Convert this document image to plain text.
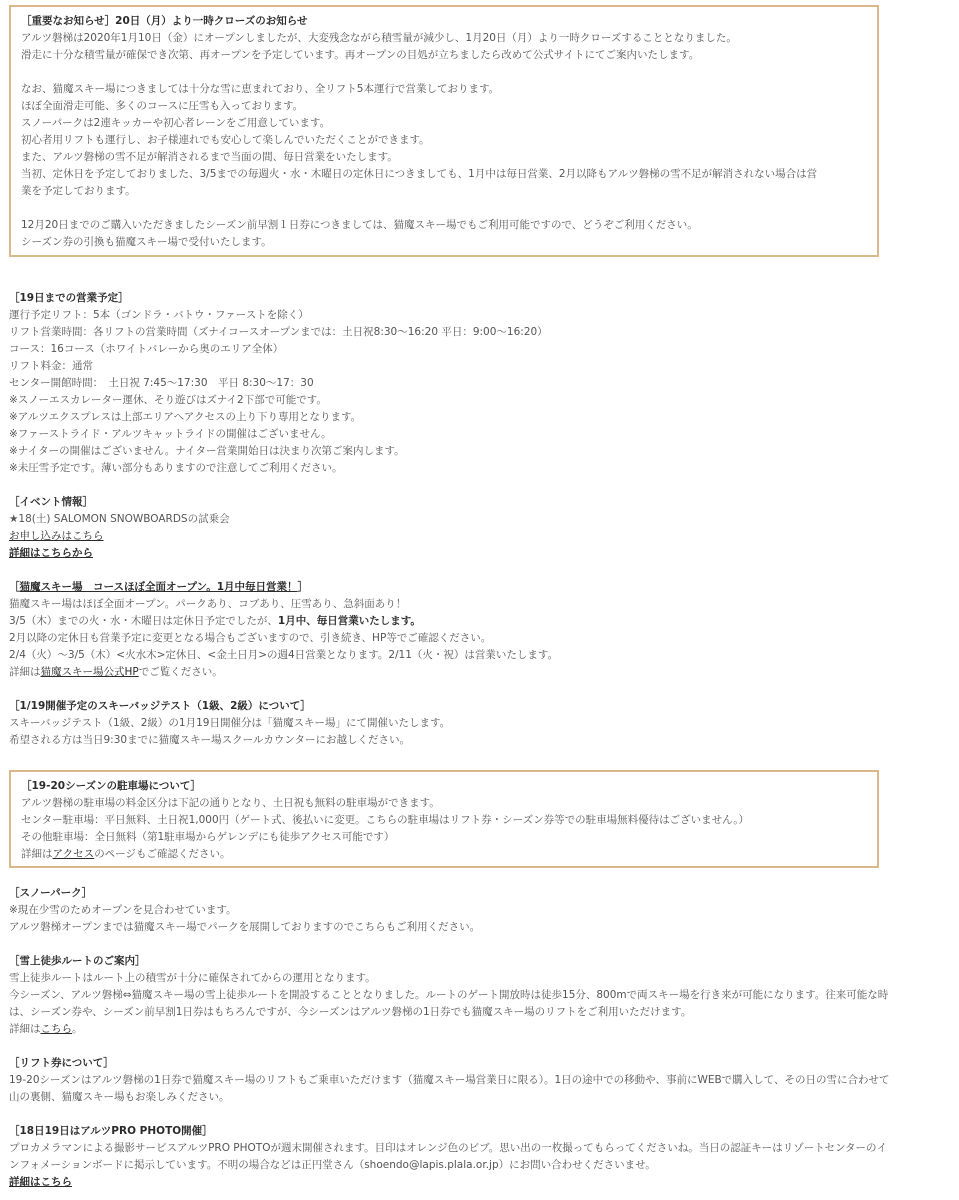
［重要なお知らせ］20日（月）より一時クローズのお知らせ
アルツ磐梯は2020年1月10日（金）にオープンしましたが、大変残念ながら積雪量が減少し、1月20日（月）より一時クローズすることとなりました。
滑走に十分な積雪量が確保でき次第、再オープンを予定しています。再オープンの目処が立ちましたら改めて公式サイトにてご案内いたします。
なお、猫魔スキー場につきましては十分な雪に恵まれており、全リフト5本運行で営業しております。
ほぼ全面滑走可能、多くのコースに圧雪も入っております。
スノーパークは2連キッカーや初心者レーンをご用意しています。
初心者用リフトも運行し、お子様連れでも安心して楽しんでいただくことができます。
また、アルツ磐梯の雪不足が解消されるまで当面の間、毎日営業をいたします。
当初、定休日を予定しておりました、3/5までの毎週火・水・木曜日の定休日につきましても、1月中は毎日営業、2月以降もアルツ磐梯の雪不足が解消されない場合は営
業を予定しております。
12月20日までのご購入いただきましたシーズン前早割１日券につきましては、猫魔スキー場でもご利用可能ですので、どうぞご利用ください。
シーズン券の引換も猫魔スキー場で受付いたします。
［19日までの営業予定］
運行予定リフト：5本（ゴンドラ・バトウ・ファーストを除く）
リフト営業時間：各リフトの営業時間（ズナイコースオープンまでは：土日祝8:30～16:20 平日：9:00～16:20）
コース：16コース（ホワイトバレーから奥のエリア全体）
リフト料金：通常
センター開館時間：　土日祝 7:45～17:30　平日 8:30～17：30
※スノーエスカレーター運休、そり遊びはズナイ2下部で可能です。
※アルツエクスプレスは上部エリアへアクセスの上り下り専用となります。
※ファーストライド・アルツキャットライドの開催はございません。
※ナイターの開催はございません。ナイター営業開始日は決まり次第ご案内します。
※未圧雪予定です。薄い部分もありますので注意してご利用ください。
［イベント情報］
★18(土) SALOMON SNOWBOARDSの試乗会
お申し込みはこちら
詳細はこちらから
［猫魔スキー場　コースほぼ全面オープン。1月中毎日営業！］
猫魔スキー場はほぼ全面オープン。パークあり、コブあり、圧雪あり、急斜面あり！
3/5（木）までの火・水・木曜日は定休日予定でしたが、1月中、毎日営業いたします。
2月以降の定休日も営業予定に変更となる場合もございますので、引き続き、HP等でご確認ください。
2/4（火）～3/5（木）<火水木>定休日、<金土日月>の週4日営業となります。2/11（火・祝）は営業いたします。
詳細は猫魔スキー場公式HPでご覧ください。
［1/19開催予定のスキーバッジテスト（1級、2級）について］
スキーバッジテスト（1級、2級）の1月19日開催分は「猫魔スキー場」にて開催いたします。
希望される方は当日9:30までに猫魔スキー場スクールカウンターにお越しください。
［19-20シーズンの駐車場について］
アルツ磐梯の駐車場の料金区分は下記の通りとなり、土日祝も無料の駐車場ができます。
センター駐車場：平日無料、土日祝1,000円（ゲート式、後払いに変更。こちらの駐車場はリフト券・シーズン券等での駐車場無料優待はございません。）
その他駐車場：全日無料（第1駐車場からゲレンデにも徒歩アクセス可能です）
詳細はアクセスのページもご確認ください。
［スノーパーク］
※現在少雪のためオープンを見合わせています。
アルツ磐梯オープンまでは猫魔スキー場でパークを展開しておりますのでこちらもご利用ください。
［雪上徒歩ルートのご案内］
雪上徒歩ルートはルート上の積雪が十分に確保されてからの運用となります。
今シーズン、アルツ磐梯⇔猫魔スキー場の雪上徒歩ルートを開設することとなりました。ルートのゲート開放時は徒歩15分、800mで両スキー場を行き来が可能になります。往来可能な時
は、シーズン券や、シーズン前早割1日券はもちろんですが、今シーズンはアルツ磐梯の1日券でも猫魔スキー場のリフトをご利用いただけます。
詳細はこちら。
［リフト券について］
19-20シーズンはアルツ磐梯の1日券で猫魔スキー場のリフトもご乗車いただけます（猫魔スキー場営業日に限る）。1日の途中での移動や、事前にWEBで購入して、その日の雪に合わせて
山の裏側、猫魔スキー場もお楽しみください。
［18日19日はアルツPRO PHOTO開催］
プロカメラマンによる撮影サービスアルツPRO PHOTOが週末開催されます。目印はオレンジ色のビブ。思い出の一枚撮ってもらってくださいね。当日の認証キーはリゾートセンターのイ
ンフォメーションボードに掲示しています。不明の場合などは正円堂さん（shoendo@lapis.plala.or.jp）にお問い合わせくださいませ。
詳細はこちら
